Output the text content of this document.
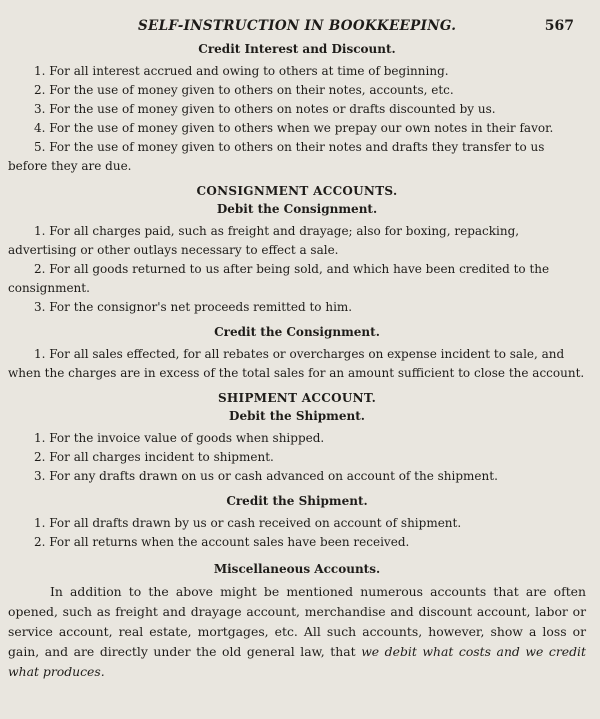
SELF-INSTRUCTION IN BOOKKEEPING.	567
Credit Interest and Discount.
1. For all interest accrued and owing to others at time of beginning.
2. For the use of money given to others on their notes, accounts, etc.
3. For the use of money given to others on notes or drafts discounted by us.
4. For the use of money given to others when we prepay our own notes in their favor.
5. For the use of money given to others on their notes and drafts they transfer to us before they are due.
CONSIGNMENT ACCOUNTS.
Debit the Consignment.
1. For all charges paid, such as freight and drayage; also for boxing, repacking, advertising or other outlays necessary to effect a sale.
2. For all goods returned to us after being sold, and which have been credited to the consignment.
3. For the consignor's net proceeds remitted to him.
Credit the Consignment.
1. For all sales effected, for all rebates or overcharges on expense incident to sale, and when the charges are in excess of the total sales for an amount sufficient to close the account.
SHIPMENT ACCOUNT.
Debit the Shipment.
1. For the invoice value of goods when shipped.
2. For all charges incident to shipment.
3. For any drafts drawn on us or cash advanced on account of the shipment.
Credit the Shipment.
1. For all drafts drawn by us or cash received on account of shipment.
2. For all returns when the account sales have been received.
Miscellaneous Accounts.

In addition to the above might be mentioned numerous accounts that are often opened, such as freight and drayage account, merchandise and discount account, labor or service account, real estate, mortgages, etc. All such accounts, however, show a loss or gain, and are directly under the old general law, that we debit what costs and we credit what produces.
